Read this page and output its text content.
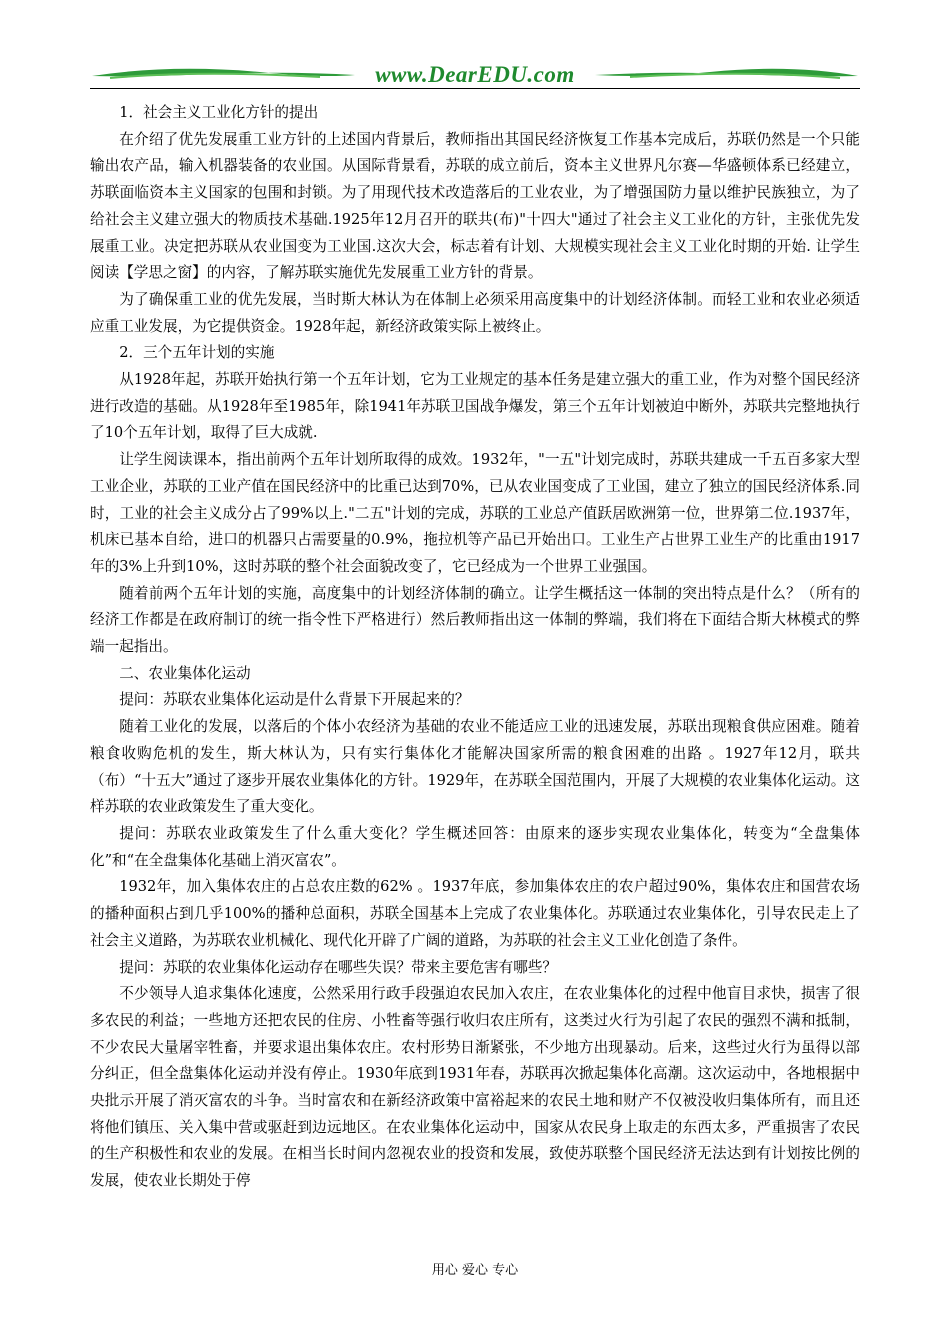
www.DearEDU.com

1．社会主义工业化方针的提出

在介绍了优先发展重工业方针的上述国内背景后，教师指出其国民经济恢复工作基本完成后，苏联仍然是一个只能输出农产品，输入机器装备的农业国。从国际背景看，苏联的成立前后，资本主义世界凡尔赛—华盛顿体系已经建立，苏联面临资本主义国家的包围和封锁。为了用现代技术改造落后的工业农业，为了增强国防力量以维护民族独立，为了给社会主义建立强大的物质技术基础.1925年12月召开的联共(布)"十四大"通过了社会主义工业化的方针，主张优先发展重工业。决定把苏联从农业国变为工业国.这次大会，标志着有计划、大规模实现社会主义工业化时期的开始. 让学生阅读【学思之窗】的内容，了解苏联实施优先发展重工业方针的背景。

为了确保重工业的优先发展，当时斯大林认为在体制上必须采用高度集中的计划经济体制。而轻工业和农业必须适应重工业发展，为它提供资金。1928年起，新经济政策实际上被终止。

2．三个五年计划的实施

从1928年起，苏联开始执行第一个五年计划，它为工业规定的基本任务是建立强大的重工业，作为对整个国民经济进行改造的基础。从1928年至1985年，除1941年苏联卫国战争爆发，第三个五年计划被迫中断外，苏联共完整地执行了10个五年计划，取得了巨大成就.

让学生阅读课本，指出前两个五年计划所取得的成效。1932年，"一五"计划完成时，苏联共建成一千五百多家大型工业企业，苏联的工业产值在国民经济中的比重已达到70%，已从农业国变成了工业国，建立了独立的国民经济体系.同时，工业的社会主义成分占了99%以上."二五"计划的完成，苏联的工业总产值跃居欧洲第一位，世界第二位.1937年，机床已基本自给，进口的机器只占需要量的0.9%，拖拉机等产品已开始出口。工业生产占世界工业生产的比重由1917年的3%上升到10%，这时苏联的整个社会面貌改变了，它已经成为一个世界工业强国。

随着前两个五年计划的实施，高度集中的计划经济体制的确立。让学生概括这一体制的突出特点是什么？（所有的经济工作都是在政府制订的统一指令性下严格进行）然后教师指出这一体制的弊端，我们将在下面结合斯大林模式的弊端一起指出。

二、农业集体化运动

提问：苏联农业集体化运动是什么背景下开展起来的？

随着工业化的发展，以落后的个体小农经济为基础的农业不能适应工业的迅速发展，苏联出现粮食供应困难。随着粮食收购危机的发生，斯大林认为，只有实行集体化才能解决国家所需的粮食困难的出路 。1927年12月，联共（布）“十五大”通过了逐步开展农业集体化的方针。1929年，在苏联全国范围内，开展了大规模的农业集体化运动。这样苏联的农业政策发生了重大变化。

提问：苏联农业政策发生了什么重大变化？学生概述回答：由原来的逐步实现农业集体化，转变为“全盘集体化”和“在全盘集体化基础上消灭富农”。

1932年，加入集体农庄的占总农庄数的62% 。1937年底，参加集体农庄的农户超过90%，集体农庄和国营农场的播种面积占到几乎100%的播种总面积，苏联全国基本上完成了农业集体化。苏联通过农业集体化，引导农民走上了社会主义道路，为苏联农业机械化、现代化开辟了广阔的道路，为苏联的社会主义工业化创造了条件。

提问：苏联的农业集体化运动存在哪些失误？带来主要危害有哪些？

不少领导人追求集体化速度，公然采用行政手段强迫农民加入农庄，在农业集体化的过程中他盲目求快，损害了很多农民的利益；一些地方还把农民的住房、小牲畜等强行收归农庄所有，这类过火行为引起了农民的强烈不满和抵制，不少农民大量屠宰牲畜，并要求退出集体农庄。农村形势日渐紧张，不少地方出现暴动。后来，这些过火行为虽得以部分纠正，但全盘集体化运动并没有停止。1930年底到1931年春，苏联再次掀起集体化高潮。这次运动中，各地根据中央批示开展了消灭富农的斗争。当时富农和在新经济政策中富裕起来的农民土地和财产不仅被没收归集体所有，而且还将他们镇压、关入集中营或驱赶到边远地区。在农业集体化运动中，国家从农民身上取走的东西太多，严重损害了农民的生产积极性和农业的发展。在相当长时间内忽视农业的投资和发展，致使苏联整个国民经济无法达到有计划按比例的发展，使农业长期处于停

用心 爱心 专心
